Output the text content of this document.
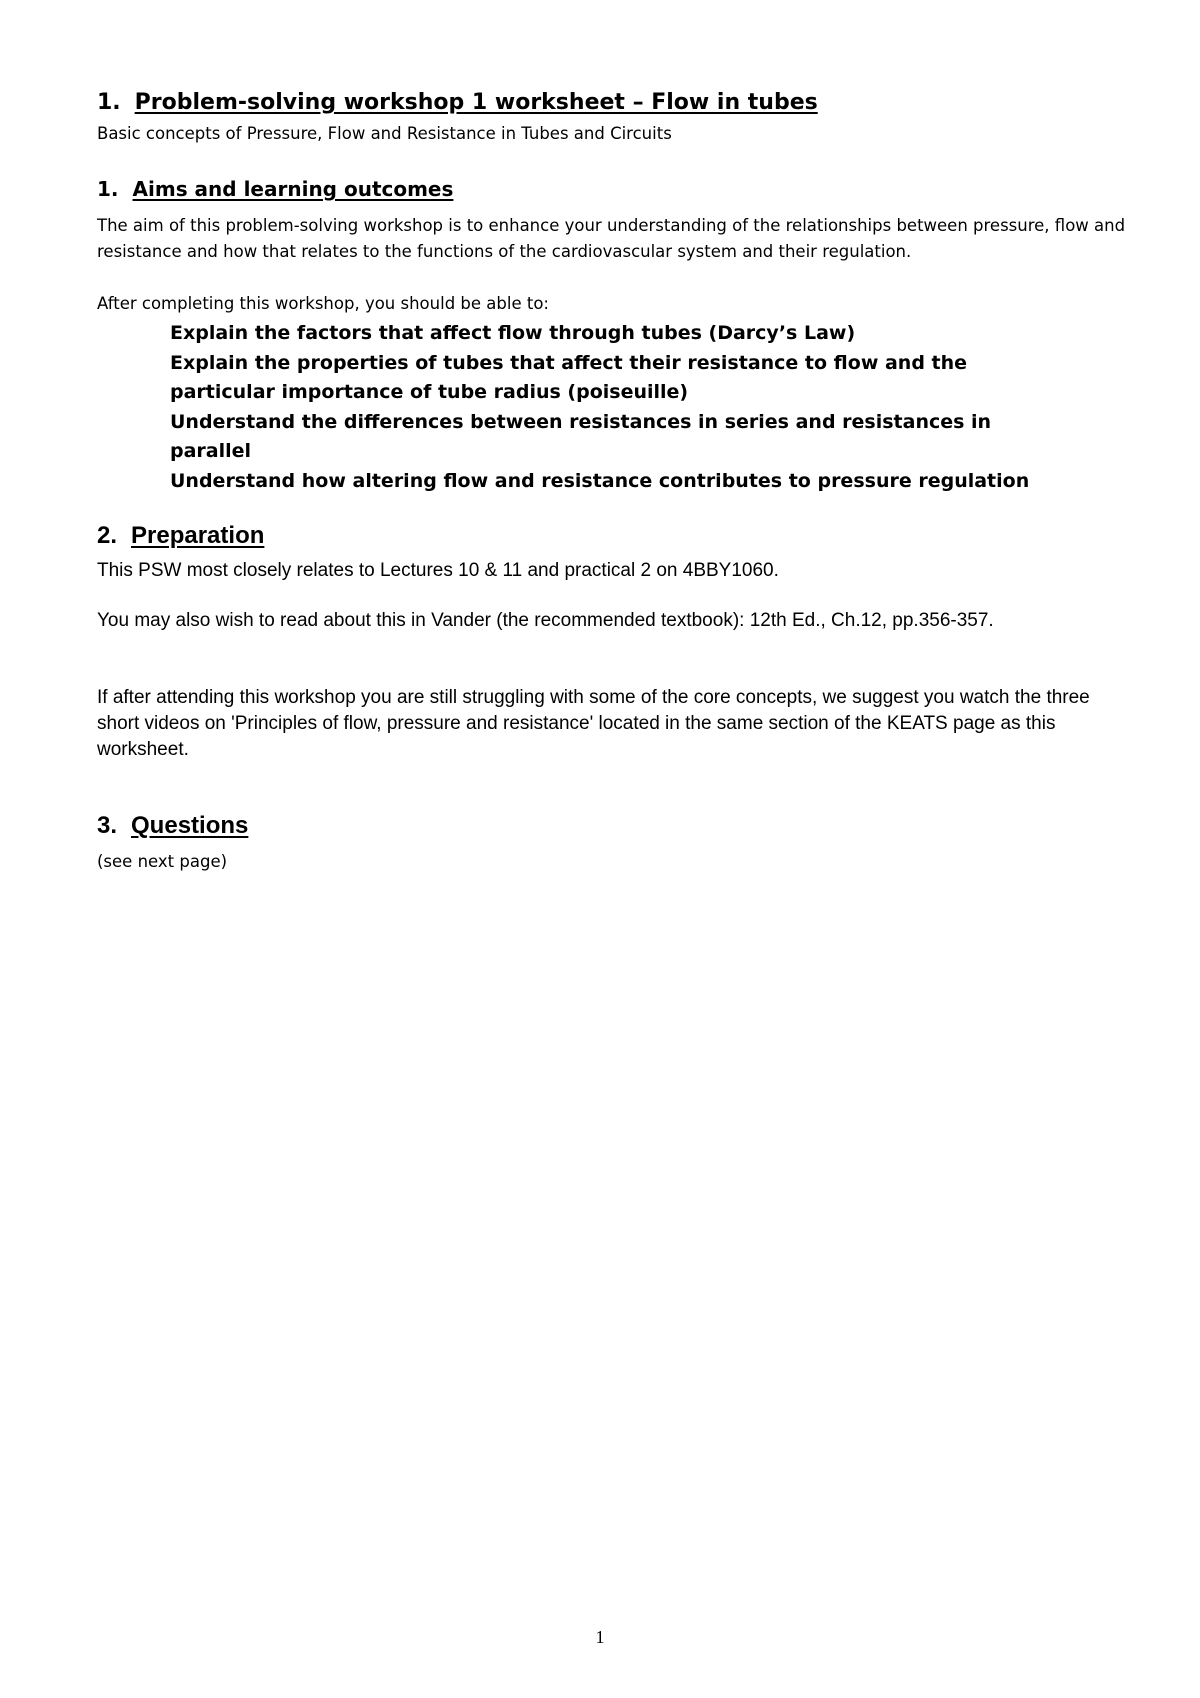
1. Problem-solving workshop 1 worksheet – Flow in tubes
Basic concepts of Pressure, Flow and Resistance in Tubes and Circuits
1. Aims and learning outcomes
The aim of this problem-solving workshop is to enhance your understanding of the relationships between pressure, flow and resistance and how that relates to the functions of the cardiovascular system and their regulation.
After completing this workshop, you should be able to:
Explain the factors that affect flow through tubes (Darcy’s Law)
Explain the properties of tubes that affect their resistance to flow and the particular importance of tube radius (poiseuille)
Understand the differences between resistances in series and resistances in parallel
Understand how altering flow and resistance contributes to pressure regulation
2. Preparation
This PSW most closely relates to Lectures 10 & 11 and practical 2 on 4BBY1060.
You may also wish to read about this in Vander (the recommended textbook): 12th Ed., Ch.12, pp.356-357.
If after attending this workshop you are still struggling with some of the core concepts, we suggest you watch the three short videos on 'Principles of flow, pressure and resistance' located in the same section of the KEATS page as this worksheet.
3. Questions
(see next page)
1
